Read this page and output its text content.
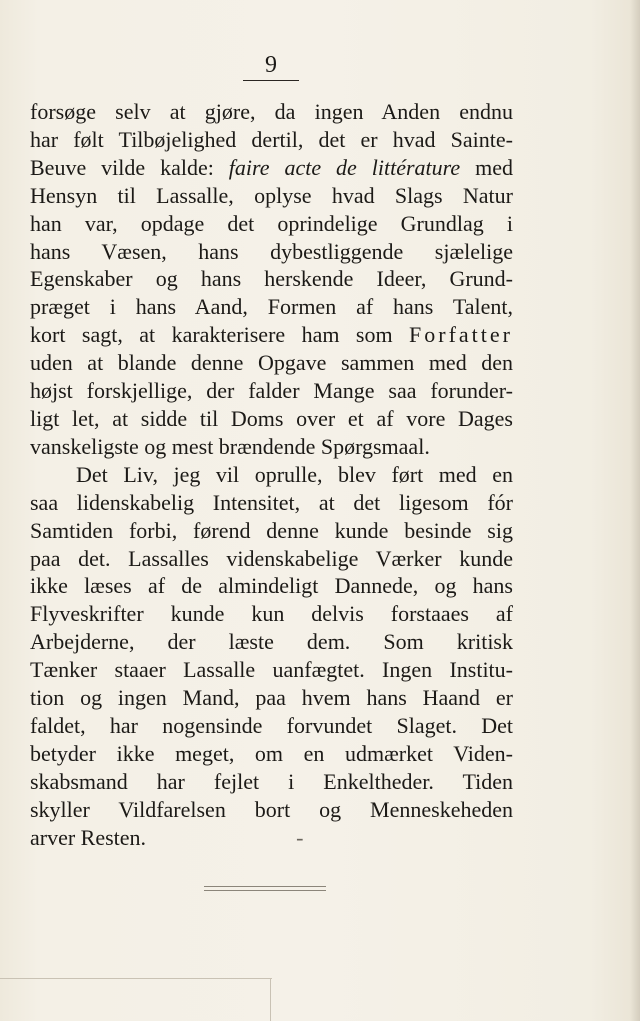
9
forsøge selv at gjøre, da ingen Anden endnu
har følt Tilbøjelighed dertil, det er hvad Sainte-
Beuve vilde kalde: faire acte de littérature med
Hensyn til Lassalle, oplyse hvad Slags Natur
han var, opdage det oprindelige Grundlag i
hans Væsen, hans dybestliggende sjælelige
Egenskaber og hans herskende Ideer, Grund-
præget i hans Aand, Formen af hans Talent,
kort sagt, at karakterisere ham som Forfatter
uden at blande denne Opgave sammen med den
højst forskjellige, der falder Mange saa forunder-
ligt let, at sidde til Doms over et af vore Dages
vanskeligste og mest brændende Spørgsmaal.
Det Liv, jeg vil oprulle, blev ført med en
saa lidenskabelig Intensitet, at det ligesom fór
Samtiden forbi, førend denne kunde besinde sig
paa det. Lassalles videnskabelige Værker kunde
ikke læses af de almindeligt Dannede, og hans
Flyveskrifter kunde kun delvis forstaaes af
Arbejderne, der læste dem. Som kritisk
Tænker staaer Lassalle uanfægtet. Ingen Institu-
tion og ingen Mand, paa hvem hans Haand er
faldet, har nogensinde forvundet Slaget. Det
betyder ikke meget, om en udmærket Viden-
skabsmand har fejlet i Enkeltheder. Tiden
skyller Vildfarelsen bort og Menneskeheden
arver Resten.	-
